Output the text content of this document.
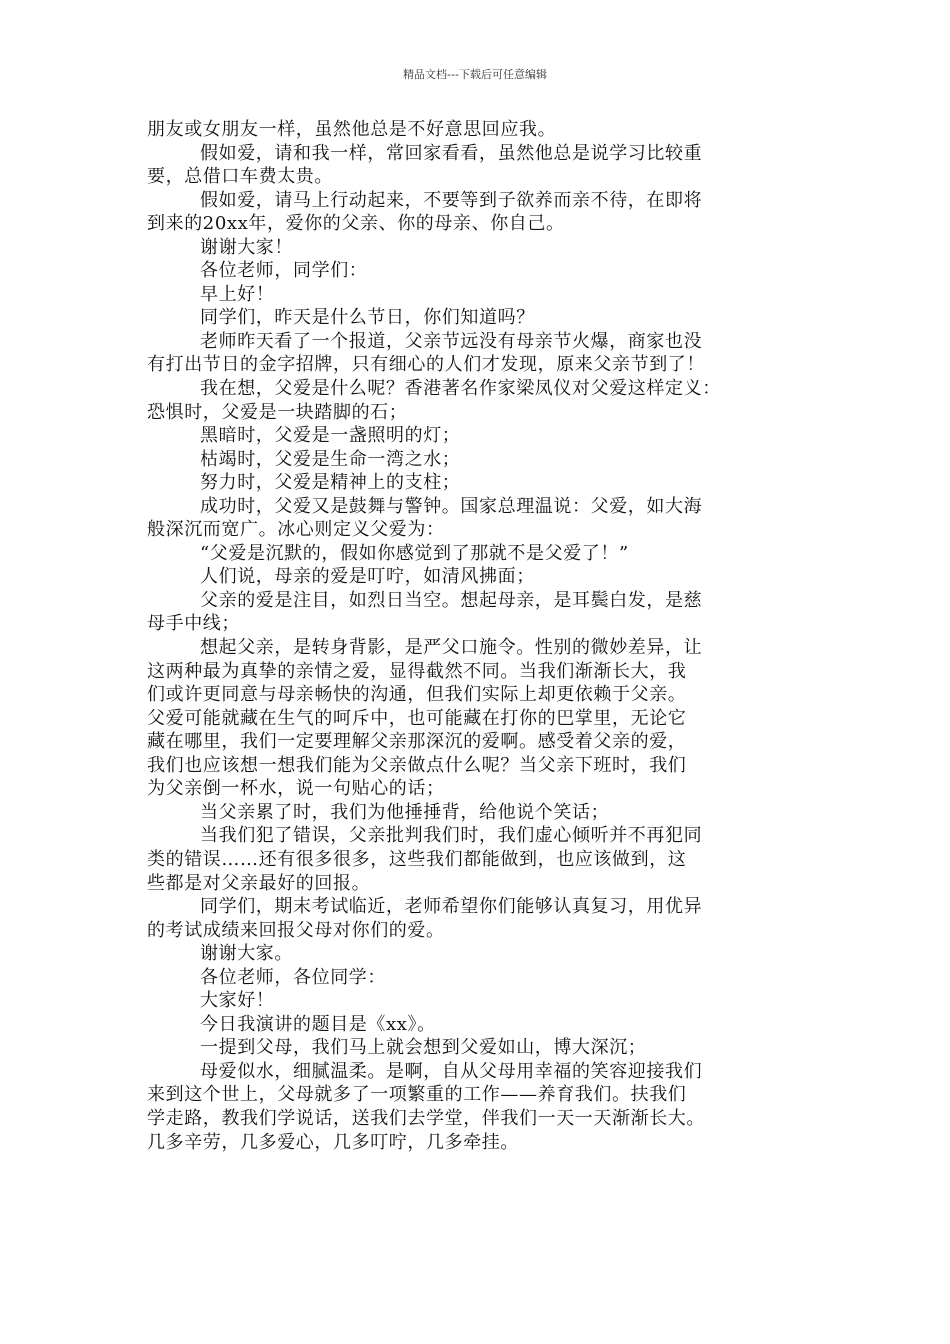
精品文档---下载后可任意编辑
朋友或女朋友一样，虽然他总是不好意思回应我。
假如爱，请和我一样，常回家看看，虽然他总是说学习比较重
要，总借口车费太贵。
假如爱，请马上行动起来，不要等到子欲养而亲不待，在即将
到来的20xx年，爱你的父亲、你的母亲、你自己。
谢谢大家！
各位老师，同学们：
早上好！
同学们，昨天是什么节日，你们知道吗？
老师昨天看了一个报道，父亲节远没有母亲节火爆，商家也没
有打出节日的金字招牌，只有细心的人们才发现，原来父亲节到了！
我在想，父爱是什么呢？香港著名作家梁凤仪对父爱这样定义：
恐惧时，父爱是一块踏脚的石；
黑暗时，父爱是一盏照明的灯；
枯竭时，父爱是生命一湾之水；
努力时，父爱是精神上的支柱；
成功时，父爱又是鼓舞与警钟。国家总理温说：父爱，如大海
般深沉而宽广。冰心则定义父爱为：
“父爱是沉默的，假如你感觉到了那就不是父爱了！”
人们说，母亲的爱是叮咛，如清风拂面；
父亲的爱是注目，如烈日当空。想起母亲，是耳鬓白发，是慈
母手中线；
想起父亲，是转身背影，是严父口施令。性别的微妙差异，让
这两种最为真挚的亲情之爱，显得截然不同。当我们渐渐长大，我
们或许更同意与母亲畅快的沟通，但我们实际上却更依赖于父亲。
父爱可能就藏在生气的呵斥中，也可能藏在打你的巴掌里，无论它
藏在哪里，我们一定要理解父亲那深沉的爱啊。感受着父亲的爱，
我们也应该想一想我们能为父亲做点什么呢？当父亲下班时，我们
为父亲倒一杯水，说一句贴心的话；
当父亲累了时，我们为他捶捶背，给他说个笑话；
当我们犯了错误，父亲批判我们时，我们虚心倾听并不再犯同
类的错误……还有很多很多，这些我们都能做到，也应该做到，这
些都是对父亲最好的回报。
同学们，期末考试临近，老师希望你们能够认真复习，用优异
的考试成绩来回报父母对你们的爱。
谢谢大家。
各位老师，各位同学：
大家好！
今日我演讲的题目是《xx》。
一提到父母，我们马上就会想到父爱如山，博大深沉；
母爱似水，细腻温柔。是啊，自从父母用幸福的笑容迎接我们
来到这个世上，父母就多了一项繁重的工作——养育我们。扶我们
学走路，教我们学说话，送我们去学堂，伴我们一天一天渐渐长大。
几多辛劳，几多爱心，几多叮咛，几多牵挂。
